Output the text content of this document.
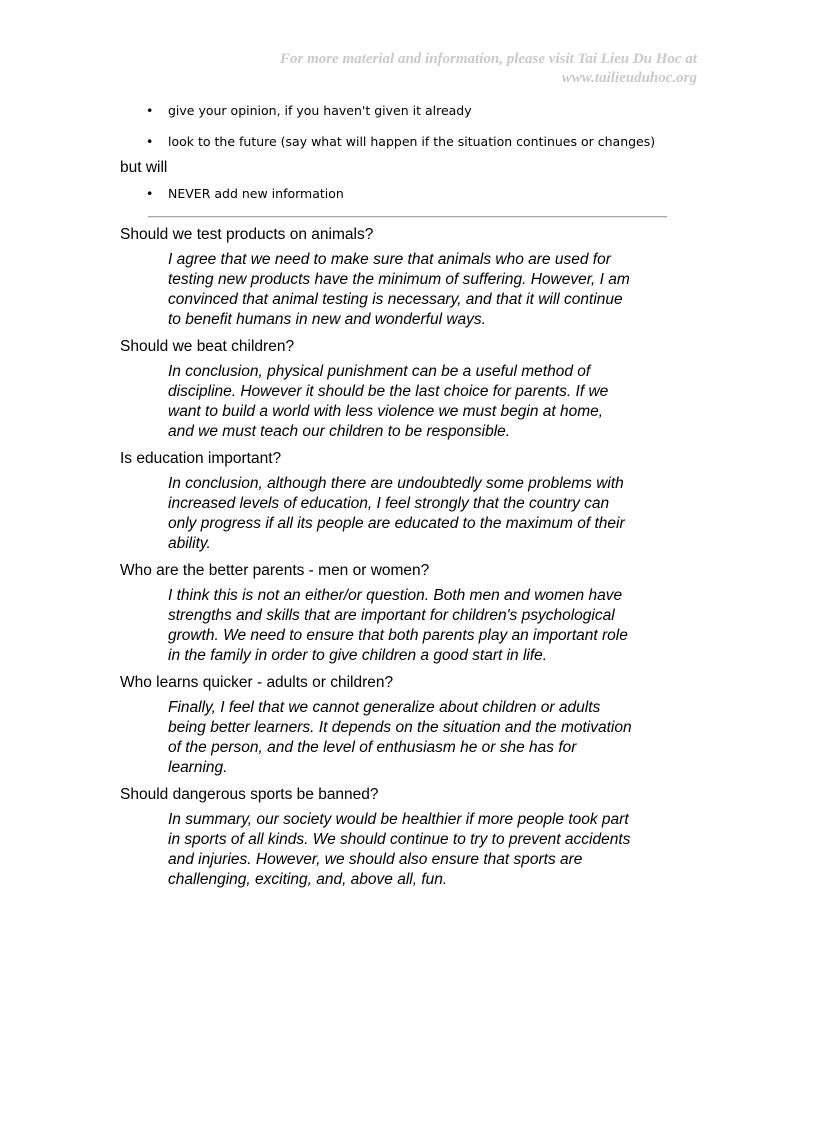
For more material and information, please visit Tai Lieu Du Hoc at
www.tailieuduhoc.org
• give your opinion, if you haven't given it already
• look to the future (say what will happen if the situation continues or changes)
but will
• NEVER add new information

Should we test products on animals?

I agree that we need to make sure that animals who are used for
testing new products have the minimum of suffering. However, I am
convinced that animal testing is necessary, and that it will continue
to benefit humans in new and wonderful ways.

Should we beat children?

In conclusion, physical punishment can be a useful method of
discipline. However it should be the last choice for parents. If we
want to build a world with less violence we must begin at home,
and we must teach our children to be responsible.

Is education important?

In conclusion, although there are undoubtedly some problems with
increased levels of education, I feel strongly that the country can
only progress if all its people are educated to the maximum of their
ability.

Who are the better parents - men or women?

I think this is not an either/or question. Both men and women have
strengths and skills that are important for children's psychological
growth. We need to ensure that both parents play an important role
in the family in order to give children a good start in life.

Who learns quicker - adults or children?

Finally, I feel that we cannot generalize about children or adults
being better learners. It depends on the situation and the motivation
of the person, and the level of enthusiasm he or she has for
learning.

Should dangerous sports be banned?

In summary, our society would be healthier if more people took part
in sports of all kinds. We should continue to try to prevent accidents
and injuries. However, we should also ensure that sports are
challenging, exciting, and, above all, fun.
